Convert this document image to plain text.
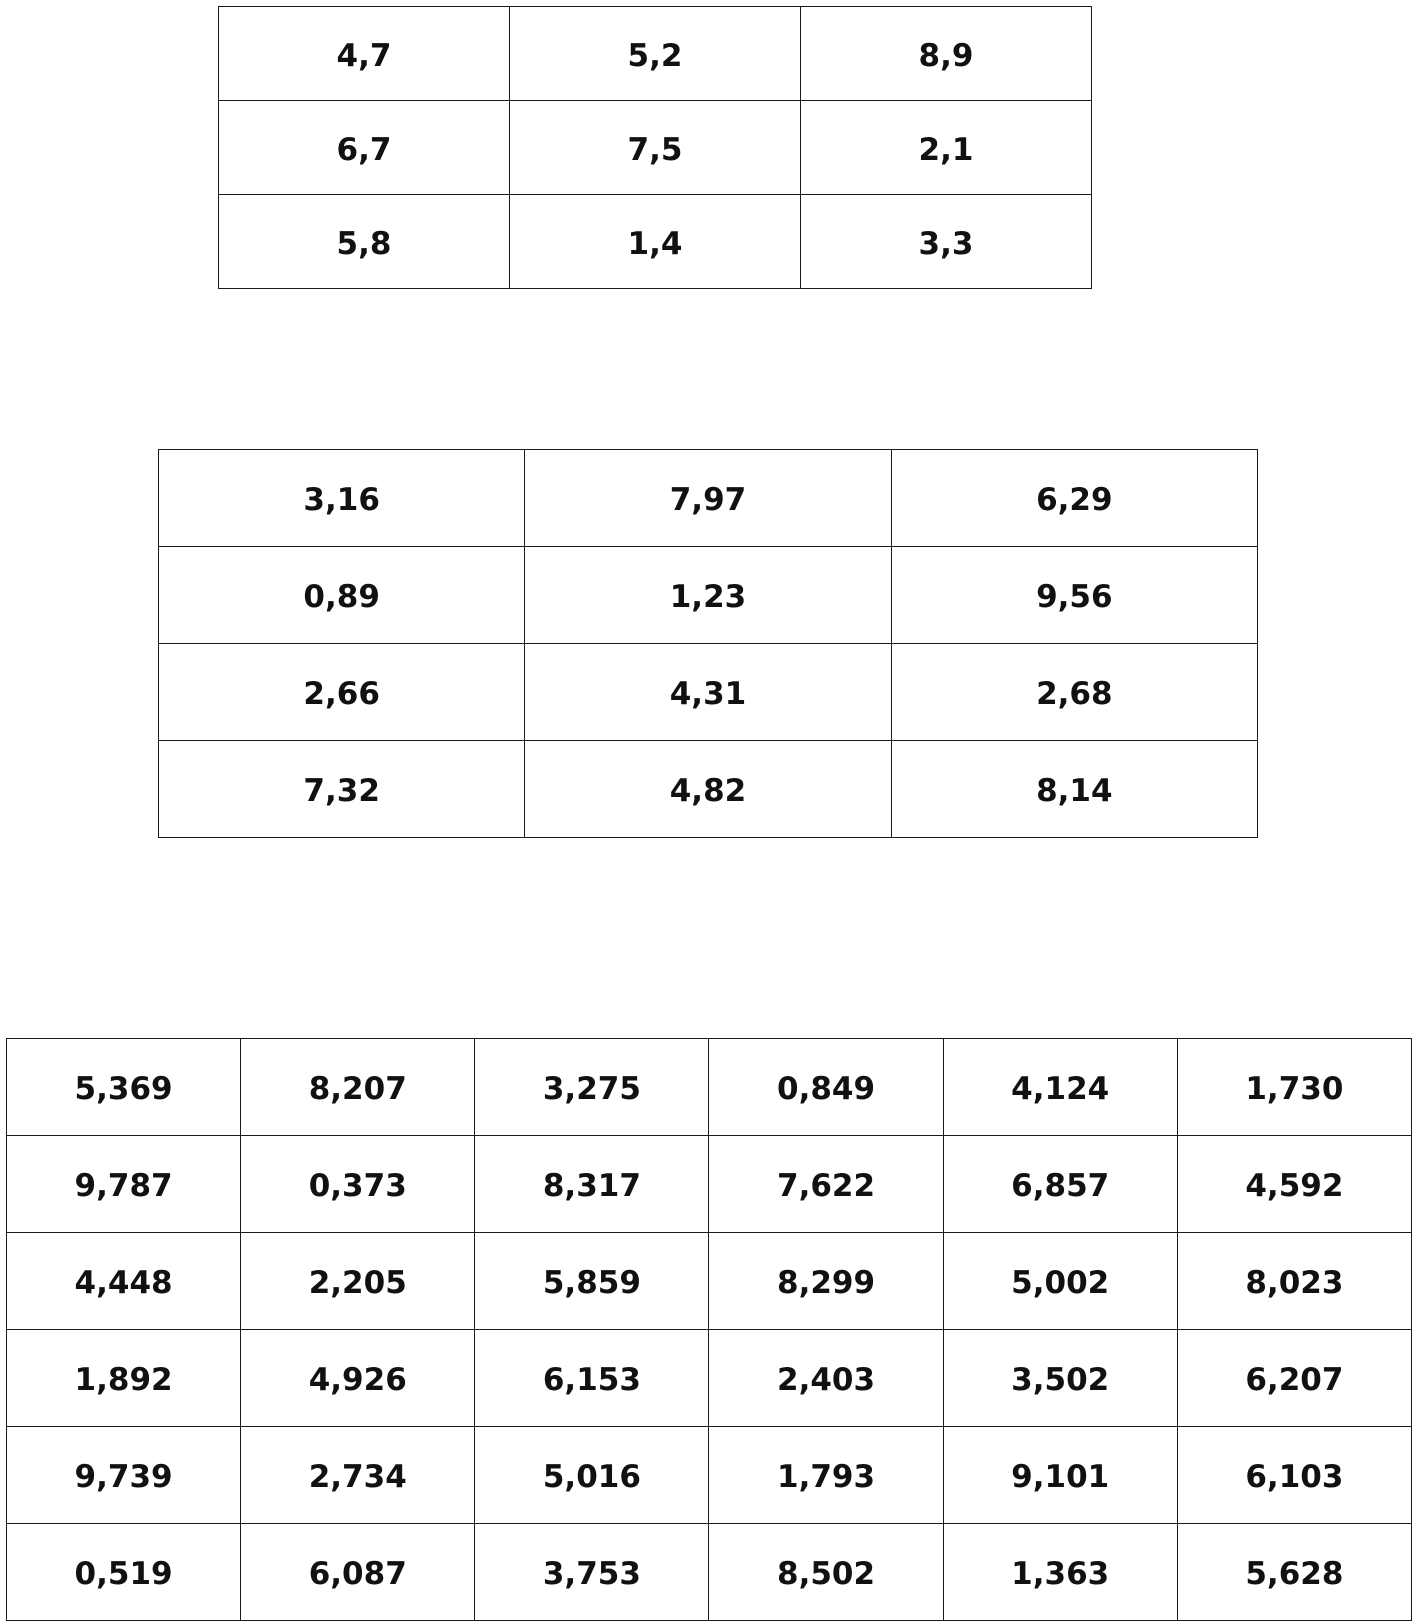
4,7	5,2	8,9
6,7	7,5	2,1
5,8	1,4	3,3
3,16	7,97	6,29
0,89	1,23	9,56
2,66	4,31	2,68
7,32	4,82	8,14
5,369	8,207	3,275	0,849	4,124	1,730
9,787	0,373	8,317	7,622	6,857	4,592
4,448	2,205	5,859	8,299	5,002	8,023
1,892	4,926	6,153	2,403	3,502	6,207
9,739	2,734	5,016	1,793	9,101	6,103
0,519	6,087	3,753	8,502	1,363	5,628
